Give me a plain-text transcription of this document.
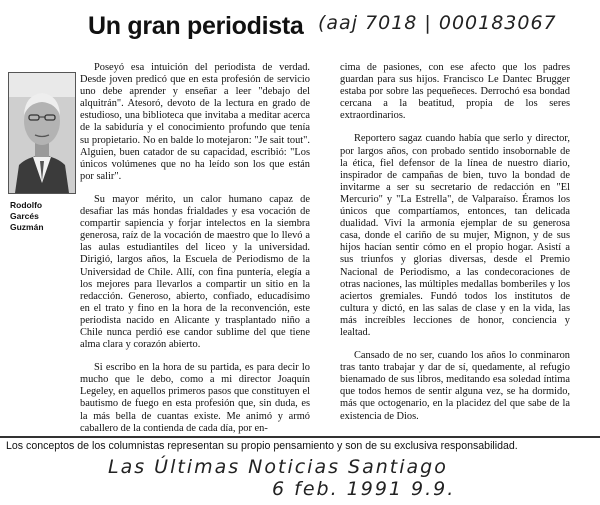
Un gran periodista (aaj 7018 | 000183067
Rodolfo
Garcés
Guzmán

Poseyó esa intuición del periodista de verdad. Desde joven predicó que en esta profesión de servicio uno debe aprender y enseñar a leer "debajo del alquitrán". Atesoró, devoto de la lectura en grado de estudioso, una biblioteca que invitaba a meditar acerca de la sabiduría y el conocimiento profundo que tenía su propietario. No en balde lo motejaron: "Je sait tout". Alguien, buen catador de su capacidad, escribió: "Los únicos volúmenes que no ha leído son los que están por salir".

Su mayor mérito, un calor humano capaz de desafiar las más hondas frialdades y esa vocación de compartir sapiencia y forjar intelectos en la siembra generosa, raíz de la vocación de maestro que lo llevó a las aulas estudiantiles del liceo y la universidad. Dirigió, largos años, la Escuela de Periodismo de la Universidad de Chile. Allí, con fina puntería, elegía a los mejores para llevarlos a compartir un sitio en la redacción. Generoso, abierto, confiado, educadísimo en el trato y fino en la hora de la reconvención, este periodista nacido en Alicante y trasplantado niño a Chile nunca perdió ese candor sublime del que tiene alma clara y corazón abierto.

Si escribo en la hora de su partida, es para decir lo mucho que le debo, como a mi director Joaquín Legeley, en aquellos primeros pasos que constituyen el bautismo de fuego en esta profesión que, sin duda, es la más bella de cuantas existe. Me animó y armó caballero de la contienda de cada día, por en-

cima de pasiones, con ese afecto que los padres guardan para sus hijos. Francisco Le Dantec Brugger estaba por sobre las pequeñeces. Derrochó esa bondad cercana a la beatitud, propia de los seres extraordinarios.

Reportero sagaz cuando había que serlo y director, por largos años, con probado sentido insobornable de la ética, fiel defensor de la línea de nuestro diario, inspirador de campañas de bien, tuvo la bondad de invitarme a ser su secretario de redacción en "El Mercurio" y "La Estrella", de Valparaíso. Éramos los únicos que compartíamos, entonces, tan delicada dualidad. Viví la armonía ejemplar de su generosa casa, donde el cariño de su mujer, Mignon, y de sus hijos hacían sentir cómo en el propio hogar. Asistí a sus triunfos y glorias diversas, desde el Premio Nacional de Periodismo, a las condecoraciones de otras naciones, las múltiples medallas bomberiles y los aciertos gremiales. Fundó todos los institutos de cultura y dictó, en las salas de clase y en la vida, las más increíbles lecciones de honor, conciencia y lealtad.

Cansado de no ser, cuando los años lo conminaron tras tanto trabajar y dar de sí, quedamente, al refugio bienamado de sus libros, meditando esa soledad íntima que todos hemos de sentir alguna vez, se ha dormido, más que octogenario, en la placidez del que sabe de la existencia de Dios.

Los conceptos de los columnistas representan su propio pensamiento y son de su exclusiva responsabilidad.
Las Últimas Noticias Santiago
6 feb. 1991 9.9.
